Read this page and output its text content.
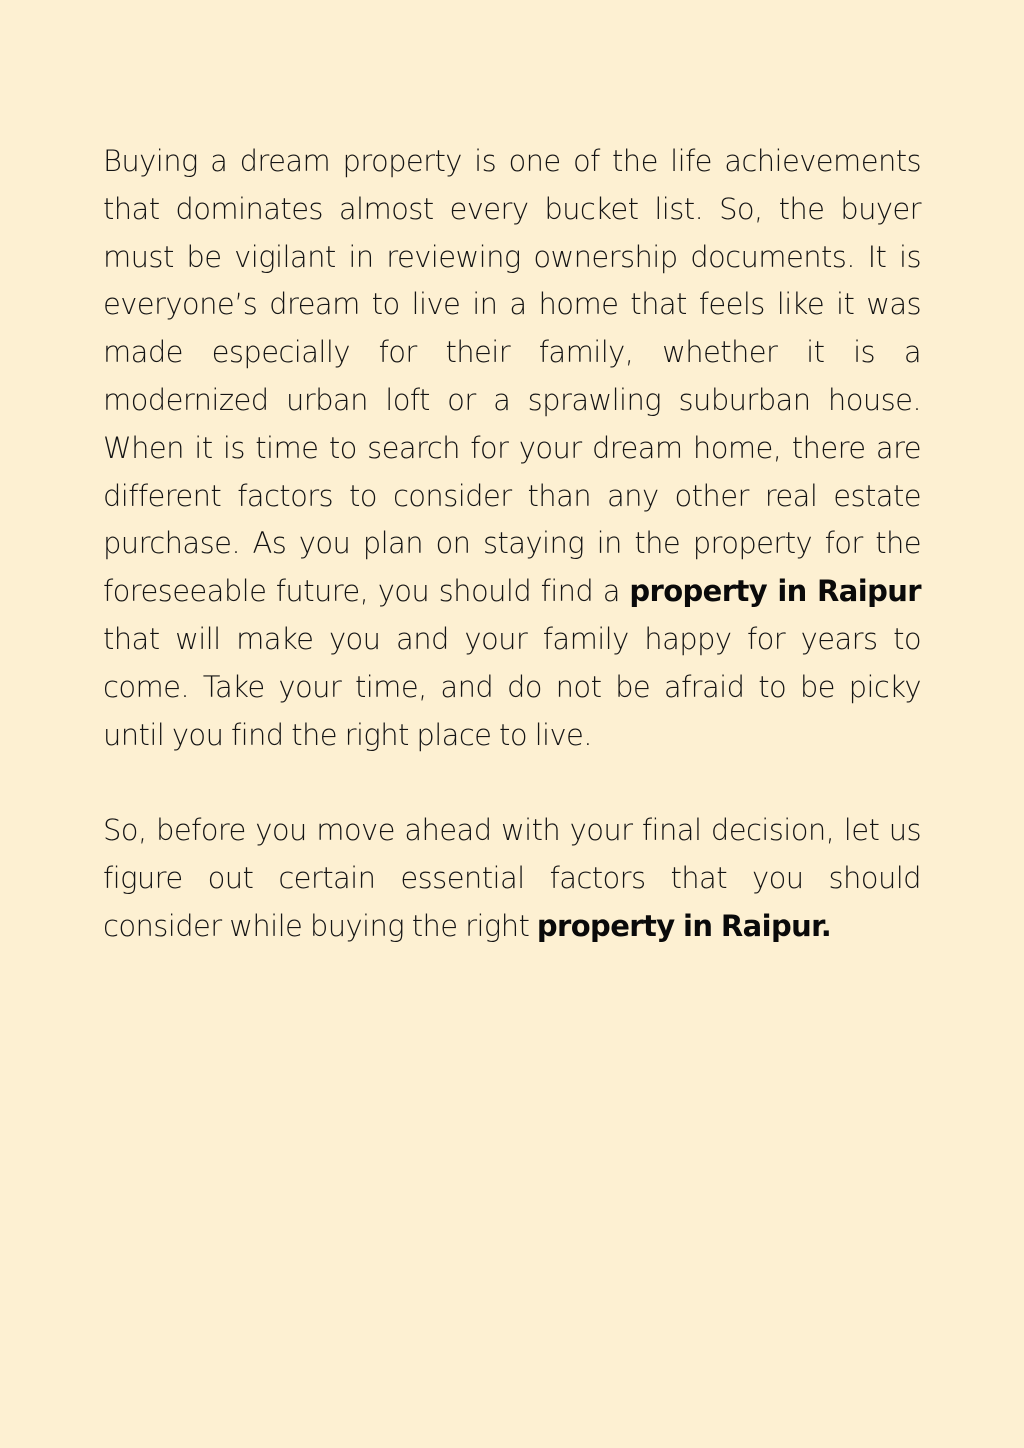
Buying a dream property is one of the life achievements that dominates almost every bucket list. So, the buyer must be vigilant in reviewing ownership documents. It is everyone’s dream to live in a home that feels like it was made especially for their family, whether it is a modernized urban loft or a sprawling suburban house. When it is time to search for your dream home, there are different factors to consider than any other real estate purchase. As you plan on staying in the property for the foreseeable future, you should find a property in Raipur that will make you and your family happy for years to come. Take your time, and do not be afraid to be picky until you find the right place to live.

So, before you move ahead with your final decision, let us figure out certain essential factors that you should consider while buying the right property in Raipur.
